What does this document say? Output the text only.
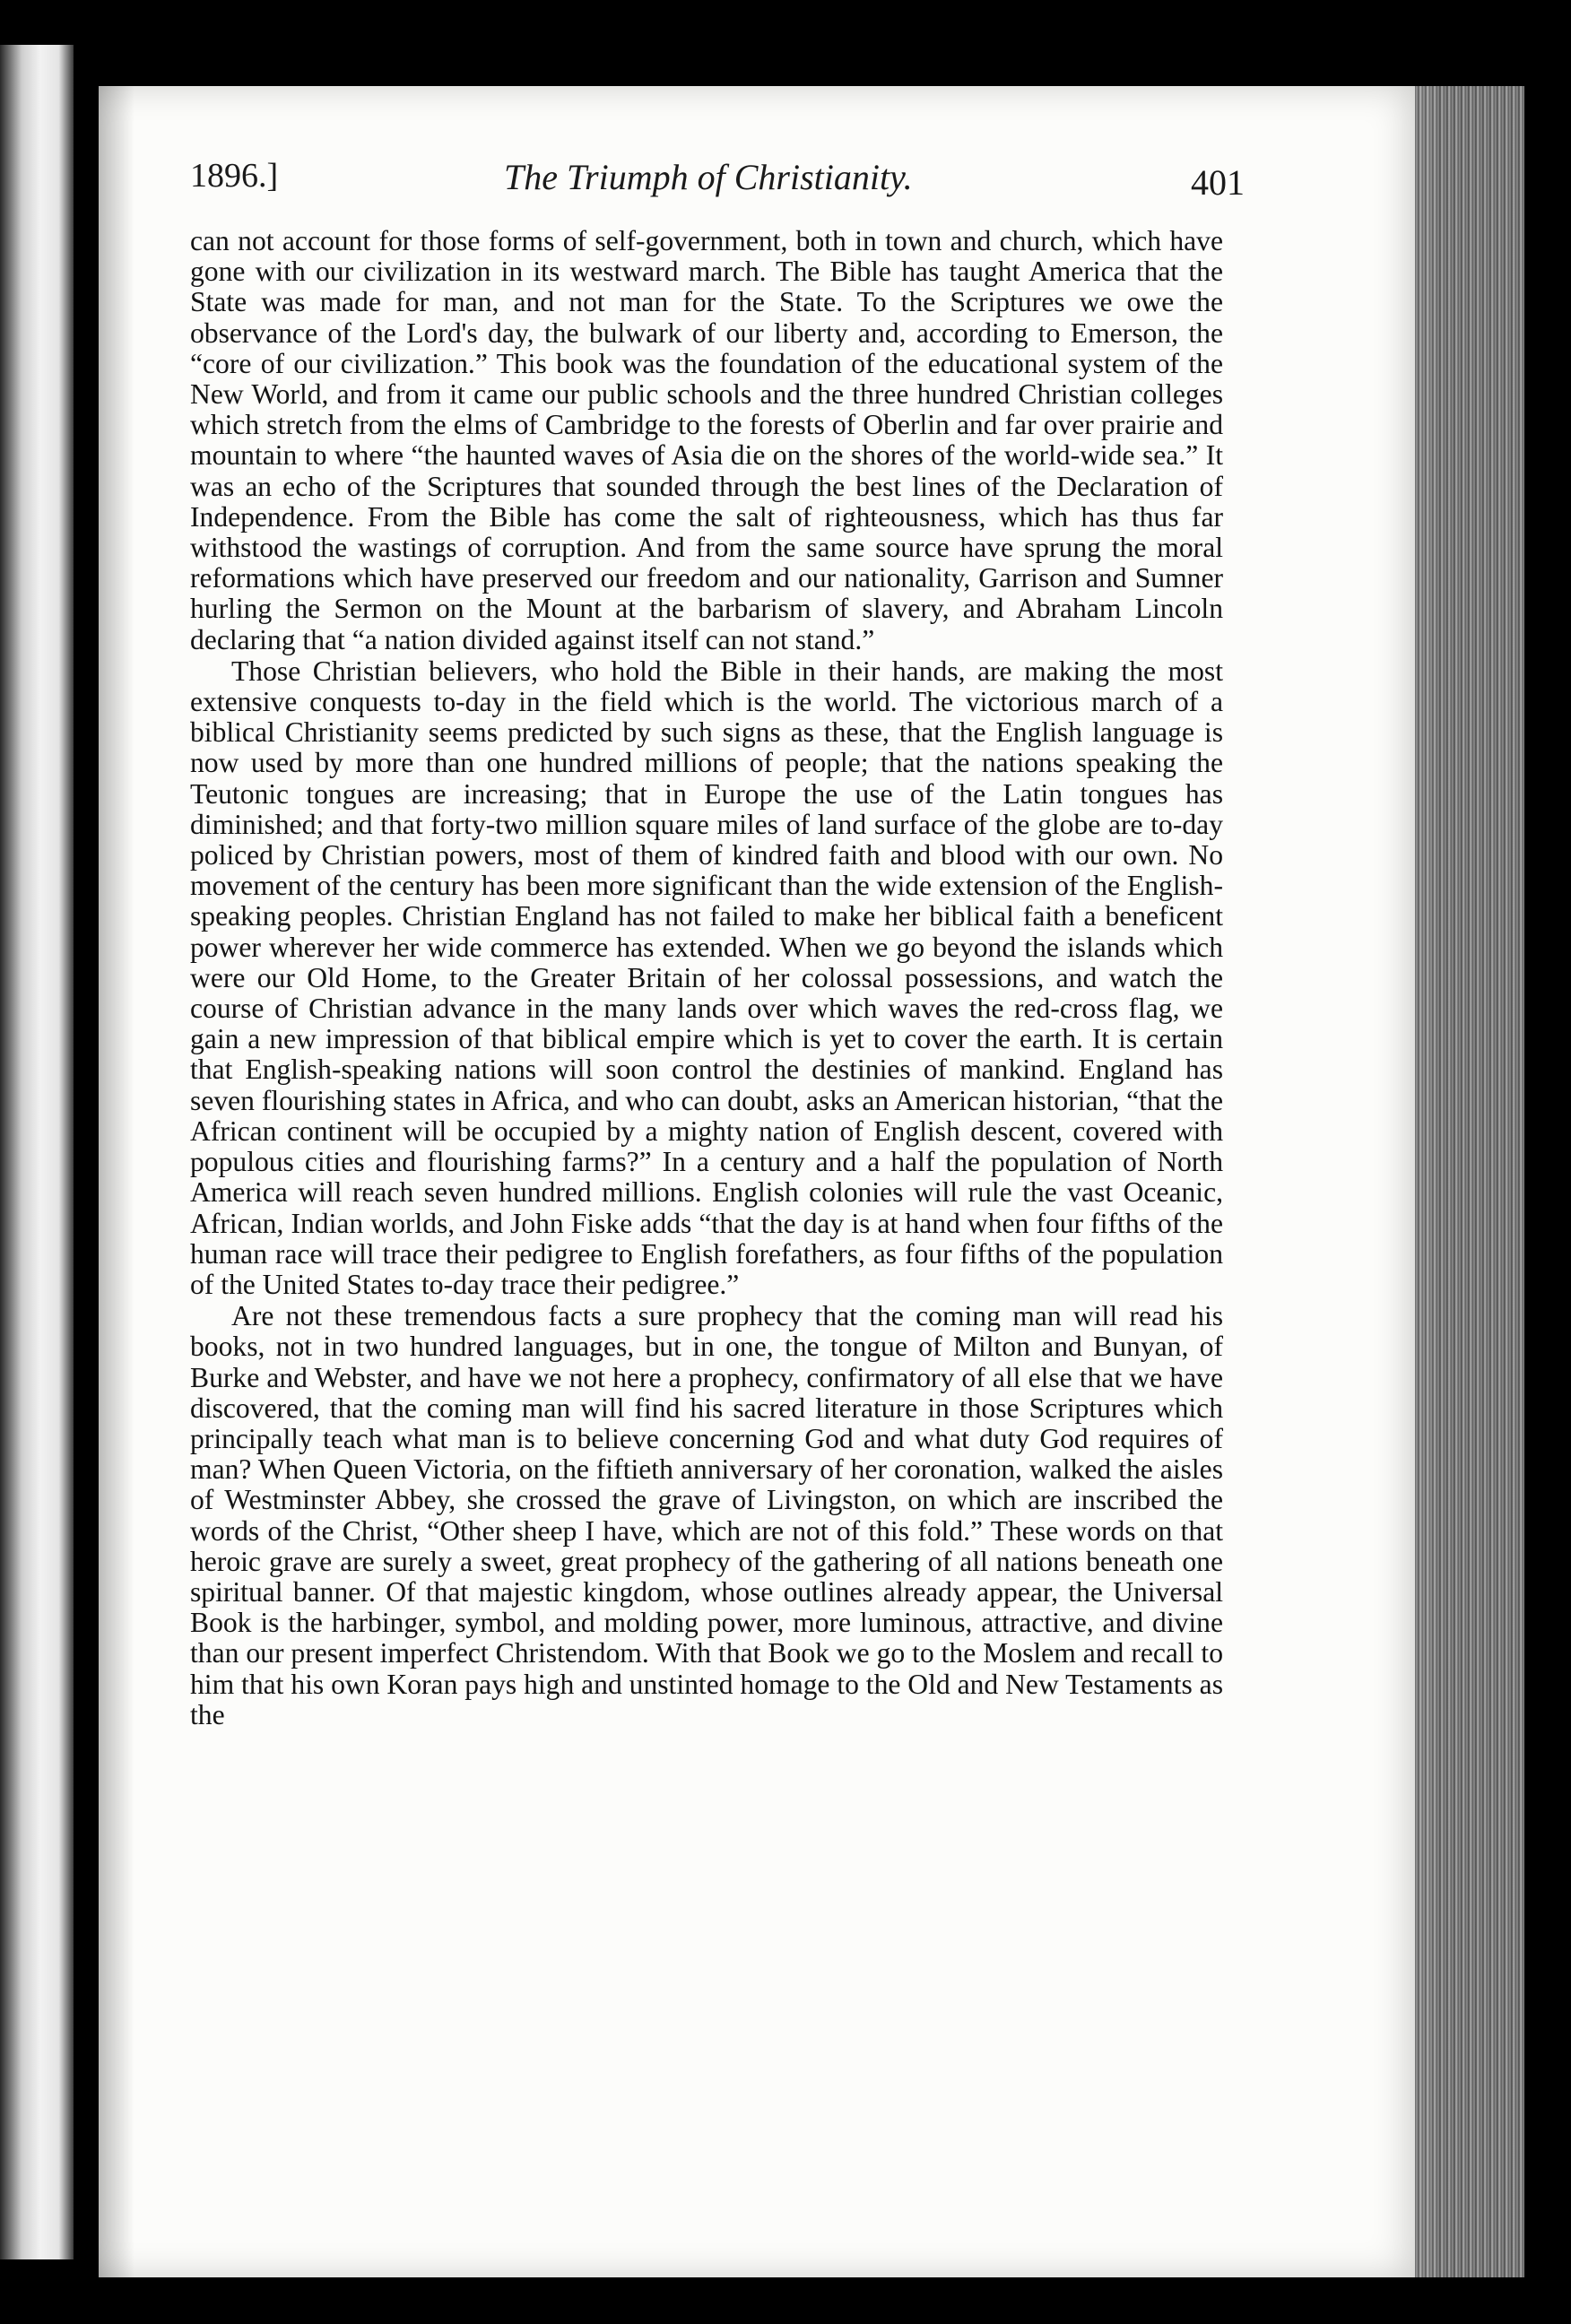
1896.]	The Triumph of Christianity.	401

can not account for those forms of self-government, both in town and church, which have gone with our civilization in its westward march. The Bible has taught America that the State was made for man, and not man for the State. To the Scriptures we owe the observance of the Lord's day, the bulwark of our liberty and, according to Emerson, the “core of our civilization.” This book was the foundation of the educational system of the New World, and from it came our public schools and the three hundred Christian colleges which stretch from the elms of Cambridge to the forests of Oberlin and far over prairie and mountain to where “the haunted waves of Asia die on the shores of the world-wide sea.” It was an echo of the Scriptures that sounded through the best lines of the Declaration of Independence. From the Bible has come the salt of righteousness, which has thus far withstood the wastings of corruption. And from the same source have sprung the moral reformations which have preserved our freedom and our nationality, Garrison and Sumner hurling the Sermon on the Mount at the barbarism of slavery, and Abraham Lincoln declaring that “a nation divided against itself can not stand.”

Those Christian believers, who hold the Bible in their hands, are making the most extensive conquests to-day in the field which is the world. The victorious march of a biblical Christianity seems predicted by such signs as these, that the English language is now used by more than one hundred millions of people; that the nations speaking the Teutonic tongues are increasing; that in Europe the use of the Latin tongues has diminished; and that forty-two million square miles of land surface of the globe are to-day policed by Christian powers, most of them of kindred faith and blood with our own. No movement of the century has been more significant than the wide extension of the English-speaking peoples. Christian England has not failed to make her biblical faith a beneficent power wherever her wide commerce has extended. When we go beyond the islands which were our Old Home, to the Greater Britain of her colossal possessions, and watch the course of Christian advance in the many lands over which waves the red-cross flag, we gain a new impression of that biblical empire which is yet to cover the earth. It is certain that English-speaking nations will soon control the destinies of mankind. England has seven flourishing states in Africa, and who can doubt, asks an American historian, “that the African continent will be occupied by a mighty nation of English descent, covered with populous cities and flourishing farms?” In a century and a half the population of North America will reach seven hundred millions. English colonies will rule the vast Oceanic, African, Indian worlds, and John Fiske adds “that the day is at hand when four fifths of the human race will trace their pedigree to English forefathers, as four fifths of the population of the United States to-day trace their pedigree.”

Are not these tremendous facts a sure prophecy that the coming man will read his books, not in two hundred languages, but in one, the tongue of Milton and Bunyan, of Burke and Webster, and have we not here a prophecy, confirmatory of all else that we have discovered, that the coming man will find his sacred literature in those Scriptures which principally teach what man is to believe concerning God and what duty God requires of man? When Queen Victoria, on the fiftieth anniversary of her coronation, walked the aisles of Westminster Abbey, she crossed the grave of Livingston, on which are inscribed the words of the Christ, “Other sheep I have, which are not of this fold.” These words on that heroic grave are surely a sweet, great prophecy of the gathering of all nations beneath one spiritual banner. Of that majestic kingdom, whose outlines already appear, the Universal Book is the harbinger, symbol, and molding power, more luminous, attractive, and divine than our present imperfect Christendom. With that Book we go to the Moslem and recall to him that his own Koran pays high and unstinted homage to the Old and New Testaments as the
